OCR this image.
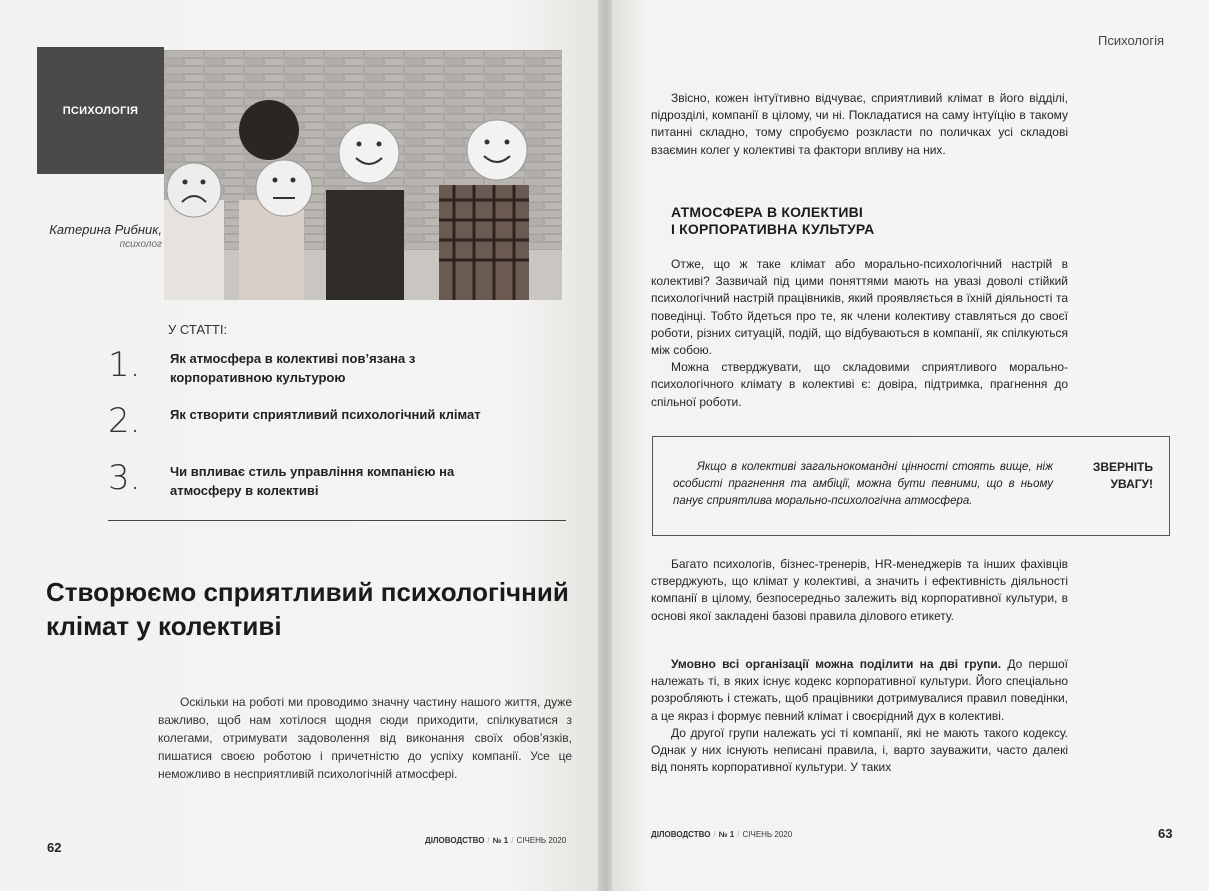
ПСИХОЛОГІЯ
Катерина Рибник,
психолог
У СТАТТІ:
1. Як атмосфера в колективі пов’язана з корпоративною культурою
2. Як створити сприятливий психологічний клімат
3. Чи впливає стиль управління компанією на атмосферу в колективі
Створюємо сприятливий психологічний клімат у колективі

Оскільки на роботі ми проводимо значну частину нашого життя, дуже важливо, щоб нам хотілося щодня сюди приходити, спілкуватися з колегами, отримувати задоволення від виконання своїх обов’язків, пишатися своєю роботою і причетністю до успіху компанії. Усе це неможливо в несприятливій психологічній атмосфері.

62	ДІЛОВОДСТВО / № 1 / СІЧЕНЬ 2020
Психологія

Звісно, кожен інтуїтивно відчуває, сприятливий клімат в його відділі, підрозділі, компанії в цілому, чи ні. Покладатися на саму інтуїцію в такому питанні складно, тому спробуємо розкласти по поличках усі складові взаємин колег у колективі та фактори впливу на них.

АТМОСФЕРА В КОЛЕКТИВІ
І КОРПОРАТИВНА КУЛЬТУРА

Отже, що ж таке клімат або морально-психологічний настрій в колективі? Зазвичай під цими поняттями мають на увазі доволі стійкий психологічний настрій працівників, який проявляється в їхній діяльності та поведінці. Тобто йдеться про те, як члени колективу ставляться до своєї роботи, різних ситуацій, подій, що відбуваються в компанії, як спілкуються між собою.

Можна стверджувати, що складовими сприятливого морально-психологічного клімату в колективі є: довіра, підтримка, прагнення до спільної роботи.

Якщо в колективі загальнокомандні цінності стоять вище, ніж особисті прагнення та амбіції, можна бути певними, що в ньому панує сприятлива морально-психологічна атмосфера.

ЗВЕРНІТЬ
УВАГУ!

Багато психологів, бізнес-тренерів, HR-менеджерів та інших фахівців стверджують, що клімат у колективі, а значить і ефективність діяльності компанії в цілому, безпосередньо залежить від корпоративної культури, в основі якої закладені базові правила ділового етикету.

Умовно всі організації можна поділити на дві групи. До першої належать ті, в яких існує кодекс корпоративної культури. Його спеціально розробляють і стежать, щоб працівники дотримувалися правил поведінки, а це якраз і формує певний клімат і своєрідний дух в колективі.

До другої групи належать усі ті компанії, які не мають такого кодексу. Однак у них існують неписані правила, і, варто зауважити, часто далекі від понять корпоративної культури. У таких

ДІЛОВОДСТВО / № 1 / СІЧЕНЬ 2020	63
